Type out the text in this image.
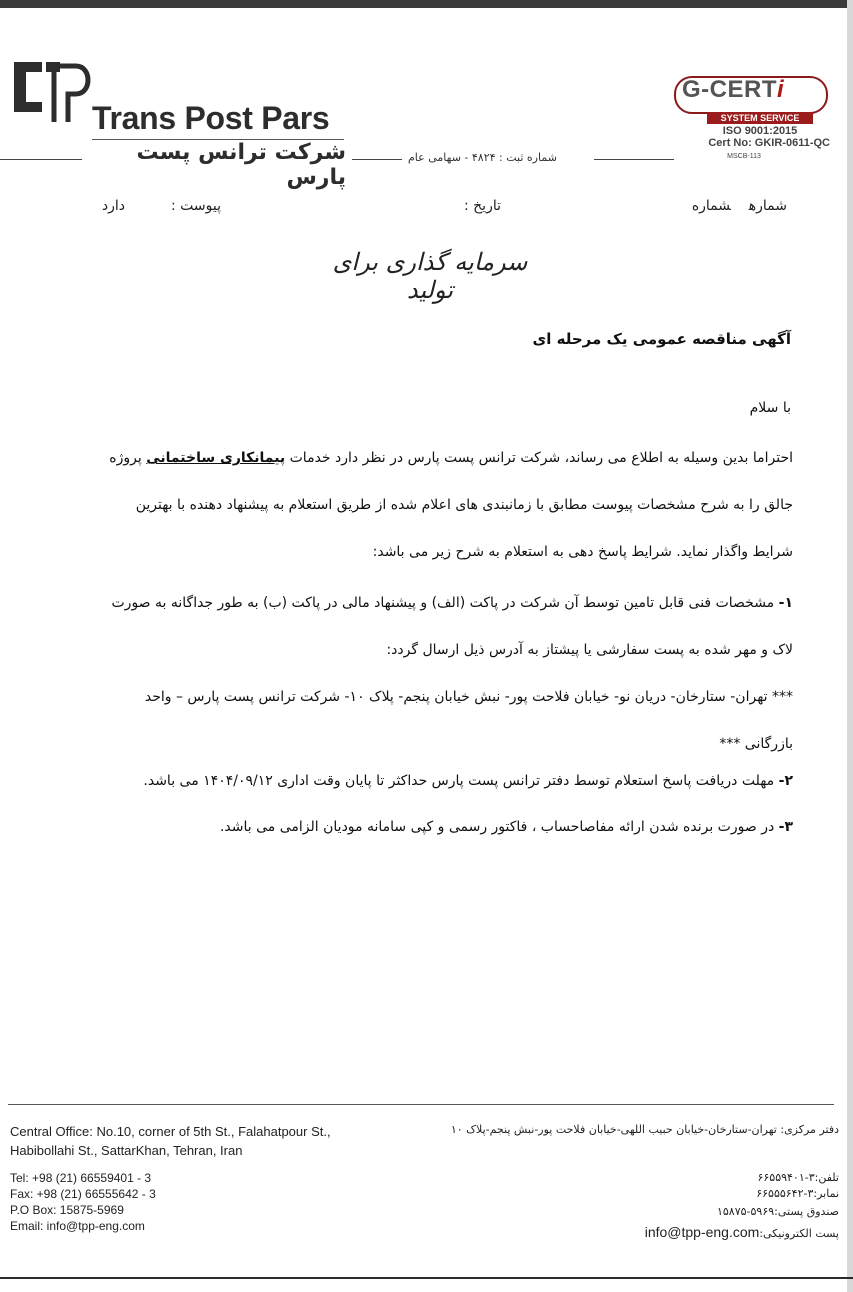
Trans Post Pars
شرکت ترانس پست پارس
شماره ثبت : ۴۸۲۴ - سهامی عام
G-CERTi
SYSTEM SERVICE
ISO 9001:2015
Cert No: GKIR-0611-QC
MSCB-113
شمارهشماره
تاریخ :
پیوست :دارد
سرمایه گذاری برای تولید
آگهی مناقصه عمومی یک مرحله ای
با سلام
احتراما بدین وسیله به اطلاع می رساند، شرکت ترانس پست پارس در نظر دارد خدمات پیمانکاری ساختمانی پروژه
جالق را به شرح مشخصات پیوست مطابق با زمانبندی های اعلام شده از طریق استعلام به پیشنهاد دهنده با بهترین
شرایط واگذار نماید. شرایط پاسخ دهی به استعلام به شرح زیر می باشد:
۱- مشخصات فنی قابل تامین توسط آن شرکت در پاکت (الف) و پیشنهاد مالی در پاکت (ب) به طور جداگانه به صورت
لاک و مهر شده به پست سفارشی یا پیشتاز به آدرس ذیل ارسال گردد:
*** تهران- ستارخان- دریان نو- خیابان فلاحت پور- نبش خیابان پنجم- پلاک ۱۰- شرکت ترانس پست پارس – واحد
بازرگانی ***
۲- مهلت دریافت پاسخ استعلام توسط دفتر ترانس پست پارس حداکثر تا پایان وقت اداری ۱۴۰۴/۰۹/۱۲ می باشد.
۳- در صورت برنده شدن ارائه مفاصاحساب ، فاکتور رسمی و کپی سامانه مودیان الزامی می باشد.
Central Office: No.10, corner of 5th St., Falahatpour St.,
Habibollahi St., SattarKhan, Tehran, Iran
Tel: +98 (21) 66559401 - 3
Fax: +98 (21) 66555642 - 3
P.O Box: 15875-5969
Email: info@tpp-eng.com
دفتر مرکزی: تهران-ستارخان-خیابان حبیب اللهی-خیابان فلاحت پور-نبش پنجم-پلاک ۱۰
تلفن:۳-۶۶۵۵۹۴۰۱
نمابر:۳-۶۶۵۵۵۶۴۲
صندوق پستی:۵۹۶۹-۱۵۸۷۵
پست الکترونیکی:info@tpp-eng.com
